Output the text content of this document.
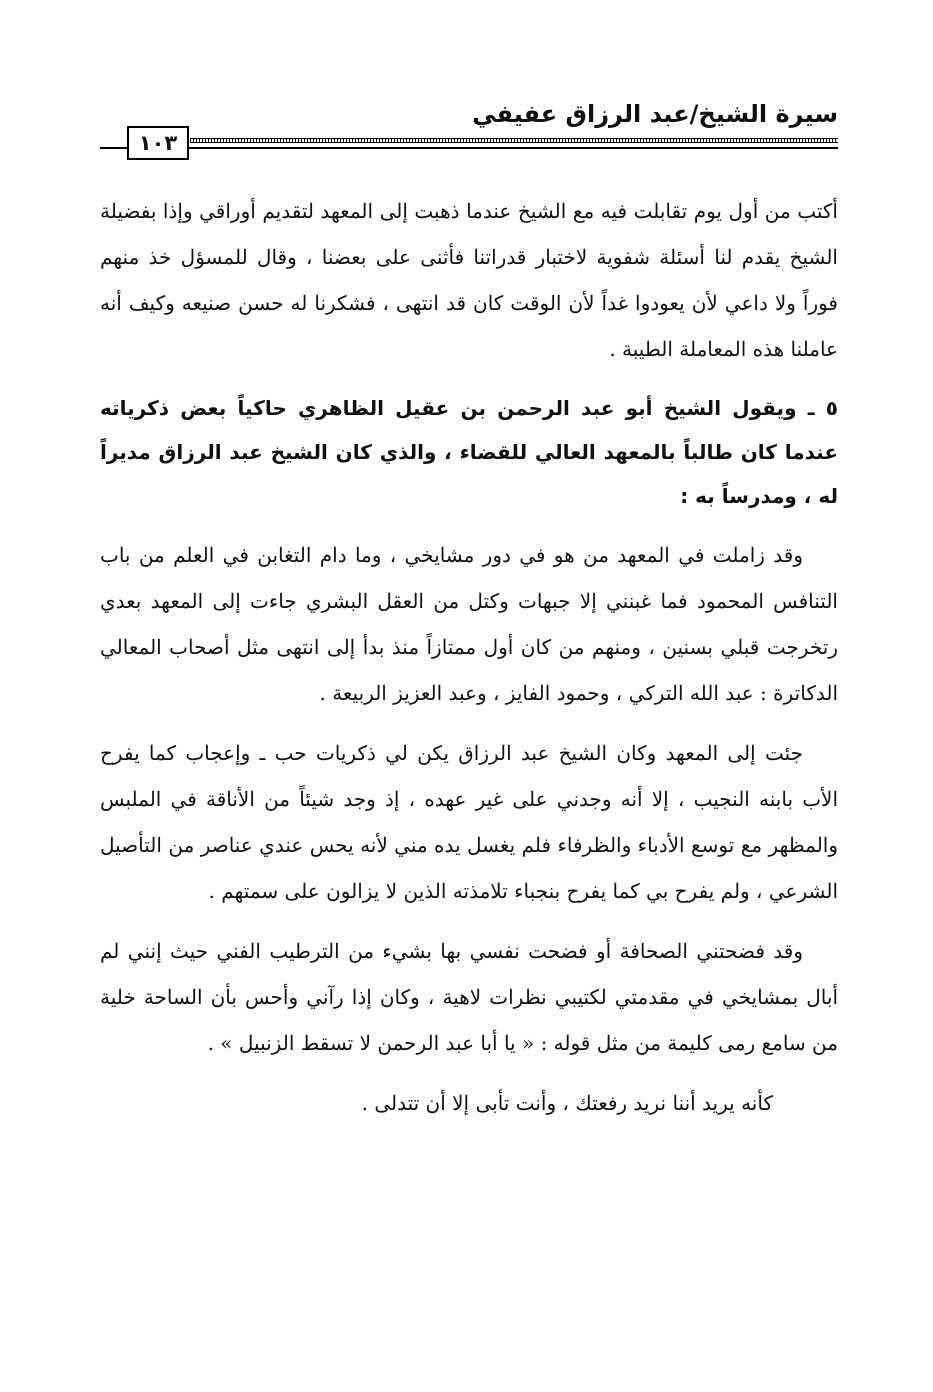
سيرة الشيخ/عبد الرزاق عفيفي
١٠٣

أكتب من أول يوم تقابلت فيه مع الشيخ عندما ذهبت إلى المعهد لتقديم أوراقي وإذا بفضيلة الشيخ يقدم لنا أسئلة شفوية لاختبار قدراتنا فأثنى على بعضنا ، وقال للمسؤل خذ منهم فوراً ولا داعي لأن يعودوا غداً لأن الوقت كان قد انتهى ، فشكرنا له حسن صنيعه وكيف أنه عاملنا هذه المعاملة الطيبة .

٥ ـ ويقول الشيخ أبو عبد الرحمن بن عقيل الظاهري حاكياً بعض ذكرياته عندما كان طالباً بالمعهد العالي للقضاء ، والذي كان الشيخ عبد الرزاق مديراً له ، ومدرساً به :

وقد زاملت في المعهد من هو في دور مشايخي ، وما دام التغابن في العلم من باب التنافس المحمود فما غبنني إلا جبهات وكتل من العقل البشري جاءت إلى المعهد بعدي رتخرجت قبلي بسنين ، ومنهم من كان أول ممتازاً منذ بدأ إلى انتهى مثل أصحاب المعالي الدكاترة : عبد الله التركي ، وحمود الفايز ، وعبد العزيز الربيعة .

جئت إلى المعهد وكان الشيخ عبد الرزاق يكن لي ذكريات حب ـ وإعجاب كما يفرح الأب بابنه النجيب ، إلا أنه وجدني على غير عهده ، إذ وجد شيئاً من الأناقة في الملبس والمظهر مع توسع الأدباء والظرفاء فلم يغسل يده مني لأنه يحس عندي عناصر من التأصيل الشرعي ، ولم يفرح بي كما يفرح بنجباء تلامذته الذين لا يزالون على سمتهم .

وقد فضحتني الصحافة أو فضحت نفسي بها بشيء من الترطيب الفني حيث إنني لم أبال بمشايخي في مقدمتي لكتيبي نظرات لاهية ، وكان إذا رآني وأحس بأن الساحة خلية من سامع رمى كليمة من مثل قوله : « يا أبا عبد الرحمن لا تسقط الزنبيل » .

كأنه يريد أننا نريد رفعتك ، وأنت تأبى إلا أن تتدلى .
